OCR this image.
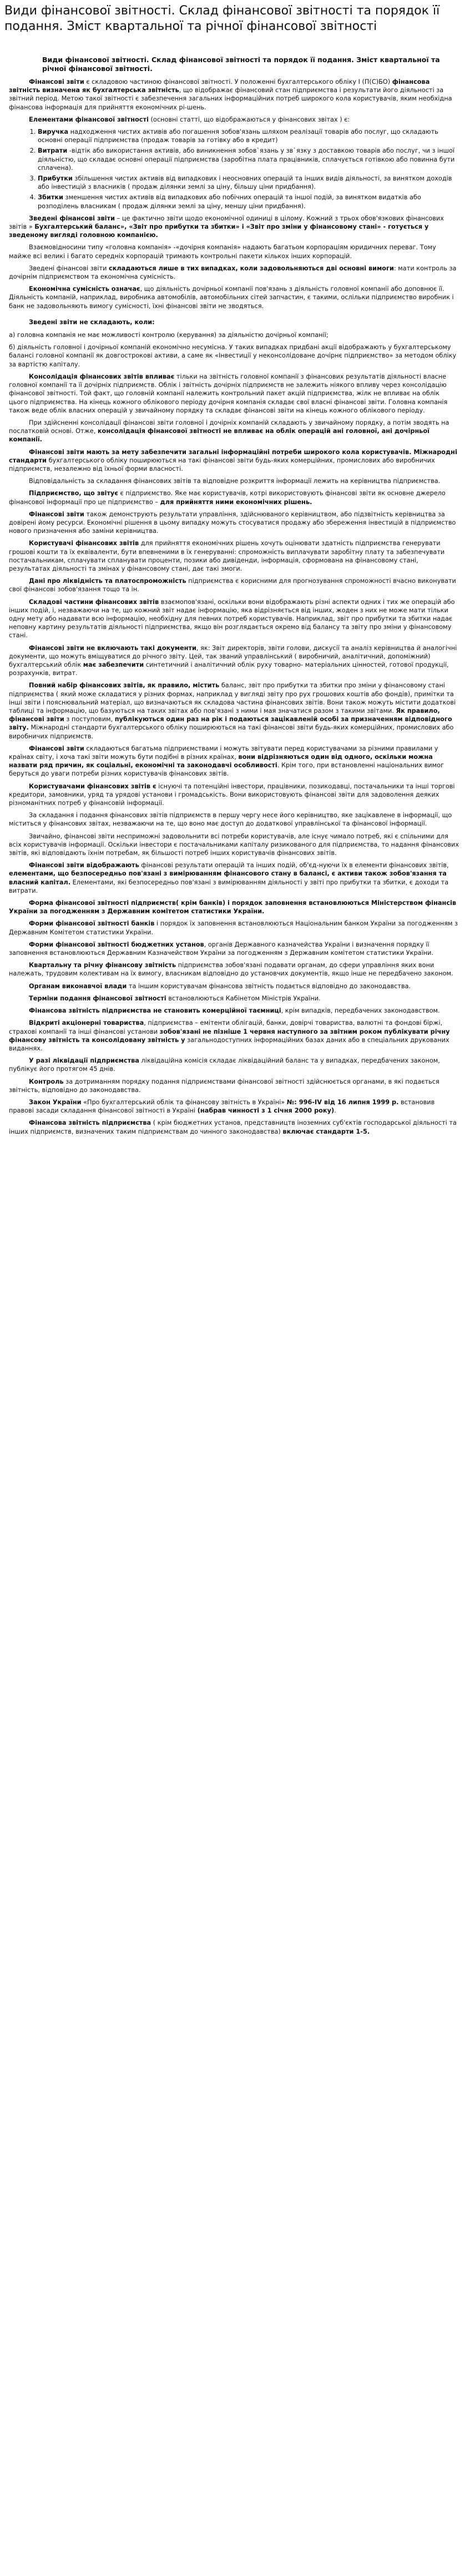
Види фінансової звітності. Склад фінансової звітності та порядок її подання. Зміст квартальної та річної фінансової звітності

Види фінансової звітності. Склад фінансової звітності та порядок її подання. Зміст квартальної та річної фінансової звітності.

Фінансові звіти є складовою частиною фінансової звітності. У положенні бухгалтерського обліку І (П(С)БО) фінансова звітність визначена як бухгалтерська звітність, що відображає фінансовий стан підприємства і результати його діяльності за звітний період. Метою такої звітності є забезпечення загальних інформаційних потреб широкого кола користувачів, яким необхідна фінансова інформація для прийняття економічних рі-шень.

Елементами фінансової звітності (основні статті, що відображаються у фінансових звітах ) є:

1. Виручка надходження чистих активів або погашення зобов'язань шляхом реалізації товарів або послуг, що складають основні операції підприємства (продаж товарів за готівку або в кредит)
2. Витрати -відтік або використання активів, або виникнення зобов`язань у зв`язку з доставкою товарів або послуг, чи з іншої діяльністю, що складає основні операції підприємства (заробітна плата працівників, сплачується готівкою або повинна бути сплачена).
3. Прибутки збільшення чистих активів від випадкових і неосновних операцій та інших видів діяльності, за винятком доходів або інвестицій з власників ( продаж ділянки землі за ціну, більшу ціни придбання).
4. Збитки зменшення чистих активів від випадкових або побічних операцій та іншої подій, за винятком видатків або розподілень власникам ( продаж ділянки землі за ціну, меншу ціни придбання).

Зведені фінансові звіти – це фактично звіти щодо економічної одиниці в цілому. Кожний з трьох обов'язкових фінансових звітів » Бухгалтерський баланс», «Звіт про прибутки та збитки» і «Звіт про зміни у фінансовому стані» - готується у зведеному вигляді головною компанією.

Взаємовідносини типу «головна компанія» -«дочірня компанія» надають багатьом корпораціям юридичних переваг. Тому майже всі великі і багато середніх корпорацій тримають контрольні пакети кількох інших корпорацій.

Зведені фінансові звіти складаються лише в тих випадках, коли задовольняються дві основні вимоги: мати контроль за дочірнім підприємством та економічна сумісність.

Економічна сумісність означає, що діяльність дочірньої компанії пов'язань з діяльність головної компанії або доповнює її. Діяльність компаній, наприклад, виробника автомобілів, автомобільних сітей запчастин, є такими, ослільки підприємство виробник і банк не задовольняють вимогу сумісності, їхні фінансові звіти не зводяться.

Зведені звіти не складають, коли:

а) головна компанія не має можливості контролю (керування) за діяльністю дочірньої компанії;

б) діяльність головної і дочірньої компаній економічно несумісна. У таких випадках придбані акції відображають у бухгалтерському балансі головної компанії як довгострокові активи, а саме як «Інвестиції у неконсолідоване дочірнє підприємство» за методом обліку за вартістю капіталу.

Консолідація фінансових звітів впливає тільки на звітність головної компанії з фінансових результатів діяльності власне головної компанії та її дочірніх підприємств. Облік і звітність дочірніх підприємств не залежить ніякого впливу через консолідацію фінансової звітності. Той факт, що головній компанії належить контрольний пакет акцій підприємства, жілк не впливає на облік цього підприємства. На кінець кожного облікового періоду дочірня компанія складає свої власні фінансові звіти. Головна компанія також веде облік власних операцій у звичайному порядку та складає фінансові звіти на кінець кожного облікового періоду.

При здійсненні консолідації фінансові звіти головної і дочірніх компаній складають у звичайному порядку, а потім зводять на послатковій основі. Отже, консолідація фінансової звітності не впливає на облік операцій ані головної, ані дочірньої компанії.

Фінансові звіти мають за мету забезпечити загальні інформаційні потреби широкого кола користувачів. Міжнародні стандарти бухгалтерського обліку поширюються на такі фінансові звіти будь-яких комерційних, промислових або виробничих підприємств, незалежно від їхньої форми власності.

Відповідальність за складання фінансових звітів та відповідне розкриття інформації лежить на керівництва підприємства.

Підприємство, що звітує є підприємство. Яке має користувачів, котрі використовують фінансові звіти як основне джерело фінансової інформації про це підприємство – для прийняття ними економічних рішень.

Фінансові звіти також демонструють результати управління, здійснюваного керівництвом, або підзвітність керівництва за довірені йому ресурси. Економічні рішення в цьому випадку можуть стосуватися продажу або збереження інвестицій в підприємство нового призначення або заміни керівництва.

Користувачі фінансових звітів для прийняття економічних рішень хочуть оцінювати здатність підприємства генерувати грошові кошти та їх еквіваленти, бути впевненими в їх генеруванні: спроможність виплачувати заробітну плату та забезпечувати постачальникам, сплачувати спланувати проценти, позики або дивіденди, інформація, сформована на фінансовому стані, результатах діяльності та змінах у фінансовому стані, дає такі змоги.

Дані про ліквідність та платоспроможність підприємства є корисними для прогнозування спроможності вчасно виконувати свої фінансові зобов'язання тощо та ін.

Складові частини фінансових звітів взаємопов'язані, оскільки вони відображають різні аспекти одних і тих же операцій або інших подій, і, незважаючи на те, що кожний звіт надає інформацію, яка відрізняється від інших, жоден з них не може мати тільки одну мету або надавати всю інформацію, необхідну для певних потреб користувачів. Наприклад, звіт про прибутки та збитки надає неповну картину результатів діяльності підприємства, якщо він розглядається окремо від балансу та звіту про зміни у фінансовому стані.

Фінансові звіти не включають такі документи, як: Звіт директорів, звіти голови, дискусії та аналіз керівництва й аналогічні документи, що можуть вміщуватися до річного звіту. Цей, так званий управлінський ( виробничий, аналітичний, допоміжний) бухгалтерський облік має забезпечити синтетичний і аналітичний облік руху товарно- матеріальних цінностей, готової продукції, розрахунків, витрат.

Повний набір фінансових звітів, як правило, містить баланс, звіт про прибутки та збитки про зміни у фінансовому стані підприємства ( який може складатися у різних формах, наприклад у вигляді звіту про рух грошових коштів або фондів), примітки та інші звіти і пояснювальний матеріал, що визначаються як складова частина фінансових звітів. Вони також можуть містити додаткові таблиці та інформацію, що базуються на таких звітах або пов'язані з ними і мая значатися разом з такими звітами. Як правило, фінансові звіти з поступовим, публікуються один раз на рік і подаються зацікавленій особі за призначенням відповідного звіту. Міжнародні стандарти бухгалтерського обліку поширюються на такі фінансові звіти будь-яких комерційних, промислових або виробничих підприємств.

Фінансові звіти складаються багатьма підприємствами і можуть звітувати перед користувачами за різними правилами у країнах світу, і хоча такі звіти можуть бути подібні в різних країнах, вони відрізняються один від одного, оскільки можна назвати ряд причин, як соціальні, економічні та законодавчі особливості. Крім того, при встановленні національних вимог беруться до уваги потреби різних користувачів фінансових звітів.

Користувачами фінансових звітів є існуючі та потенційні інвестори, працівники, позикодавці, постачальники та інші торгові кредитори, замовники, уряд та урядові установи і громадськість. Вони використовують фінансові звіти для задоволення деяких різноманітних потреб у фінансовій інформації.

За складання і подання фінансових звітів підприємств в першу чергу несе його керівництво, яке зацікавлене в інформації, що міститься у фінансових звітах, незважаючи на те, що воно має доступ до додаткової управлінської та фінансової інформації.

Звичайно, фінансові звіти несприможні задовольнити всі потреби користувачів, але існує чимало потреб, які є спільними для всіх користувачів інформації. Оскільки інвестори є постачальниками капіталу ризикованого для підприємства, то надання фінансових звітів, які відповідають їхнім потребам, як більшості потреб інших користувачів фінансових звітів.

Фінансові звіти відображають фінансові результати операцій та інших подій, об'єд-нуючи їх в елементи фінансових звітів, елементами, що безпосередньо пов'язані з вимірюванням фінансового стану в балансі, є активи також зобов'язання та власний капітал. Елементами, які безпосередньо пов'язані з вимірюванням діяльності у звіті про прибутки та збитки, є доходи та витрати.

Форма фінансової звітності підприємств( крім банків) і порядок заповнення встановлюються Міністерством фінансів України за погодженням з Державним комітетом статистики України.

Форми фінансової звітності банків і порядок їх заповнення встановлюються Національним банком України за погодженням з Державним Комітетом статистики України.

Форми фінансової звітності бюджетних установ, органів Державного казначейства України і визначення порядку її заповнення встановлюються Державним Казначейством України за погодженням з Державним комітетом статистики України.

Квартальну та річну фінансову звітність підприємства зобов'язані подавати органам, до сфери управління яких вони належать, трудовим колективам на їх вимогу, власникам відповідно до установчих документів, якщо інше не передбачено законом.

Органам виконавчої влади та іншим користувачам фінансова звітність подається відповідно до законодавства.

Терміни подання фінансової звітності встановлюються Кабінетом Міністрів України.

Фінансова звітність підприємства не становить комерційної таємниці, крім випадків, передбачених законодавством.

Відкриті акціонерні товариства, підприємства – емітенти облігацій, банки, довірчі товариства, валютні та фондові біржі, страхові компанії та інші фінансові установи зобов'язані не пізніше 1 червня наступного за звітним роком публікувати річну фінансову звітність та консолідовану звітність у загальнодоступних інформаційних базах даних або в спеціальних друкованих виданнях.

У разі ліквідації підприємства ліквідаційна комісія складає ліквідаційний баланс та у випадках, передбачених законом, публікує його протягом 45 днів.

Контроль за дотриманням порядку подання підприємствами фінансової звітності здійснюється органами, в які подається звітність, відповідно до законодавства.

Закон України «Про бухгалтерський облік та фінансову звітність в Україні» №: 996-IV від 16 липня 1999 р. встановив правові засади складання фінансової звітності в Україні (набрав чинності з 1 січня 2000 року).

Фінансова звітність підприємства ( крім бюджетних установ, представництв іноземних суб'єктів господарської діяльності та інших підприємств, визначених таким підприємствам до чинного законодавства) включає стандарти 1-5.
